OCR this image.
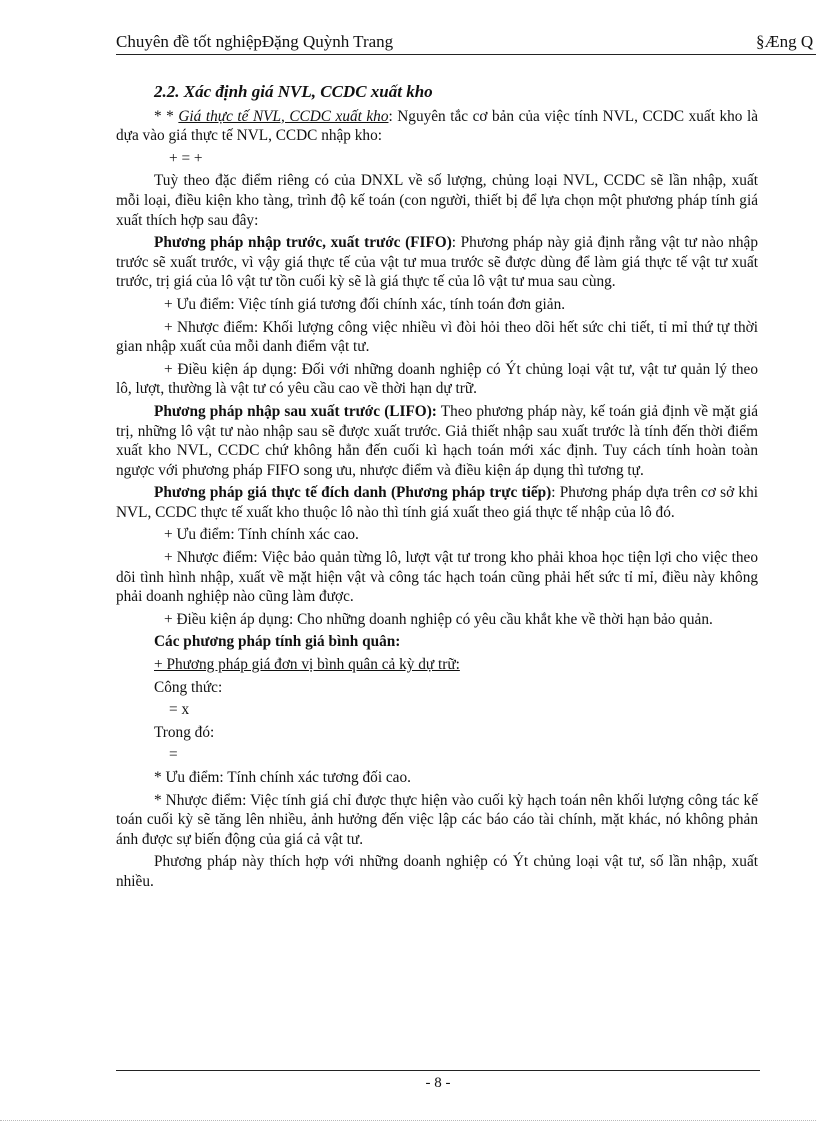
Chuyên đề tốt nghiệpĐặng Quỳnh Trang	§Æng Q

2.2. Xác định giá NVL, CCDC xuất kho

* * Giá thực tế NVL, CCDC xuất kho: Nguyên tắc cơ bản của việc tính NVL, CCDC xuất kho là dựa vào giá thực tế NVL, CCDC nhập kho:

+ = +

Tuỳ theo đặc điểm riêng có của DNXL về số lượng, chủng loại NVL, CCDC sẽ lần nhập, xuất mỗi loại, điều kiện kho tàng, trình độ kế toán (con người, thiết bị để lựa chọn một phương pháp tính giá xuất thích hợp sau đây:

Phương pháp nhập trước, xuất trước (FIFO): Phương pháp này giả định rằng vật tư nào nhập trước sẽ xuất trước, vì vậy giá thực tế của vật tư mua trước sẽ được dùng để làm giá thực tế vật tư xuất trước, trị giá của lô vật tư tồn cuối kỳ sẽ là giá thực tế của lô vật tư mua sau cùng.

+ Ưu điểm: Việc tính giá tương đối chính xác, tính toán đơn giản.

+ Nhược điểm: Khối lượng công việc nhiều vì đòi hỏi theo dõi hết sức chi tiết, tỉ mỉ thứ tự thời gian nhập xuất của mỗi danh điểm vật tư.

+ Điều kiện áp dụng: Đối với những doanh nghiệp có Ýt chủng loại vật tư, vật tư quản lý theo lô, lượt, thường là vật tư có yêu cầu cao về thời hạn dự trữ.

Phương pháp nhập sau xuất trước (LIFO): Theo phương pháp này, kế toán giả định về mặt giá trị, những lô vật tư nào nhập sau sẽ được xuất trước. Giả thiết nhập sau xuất trước là tính đến thời điểm xuất kho NVL, CCDC chứ không hẳn đến cuối kì hạch toán mới xác định. Tuy cách tính hoàn toàn ngược với phương pháp FIFO song ưu, nhược điểm và điều kiện áp dụng thì tương tự.

Phương pháp giá thực tế đích danh (Phương pháp trực tiếp): Phương pháp dựa trên cơ sở khi NVL, CCDC thực tế xuất kho thuộc lô nào thì tính giá xuất theo giá thực tế nhập của lô đó.

+ Ưu điểm: Tính chính xác cao.

+ Nhược điểm: Việc bảo quản từng lô, lượt vật tư trong kho phải khoa học tiện lợi cho việc theo dõi tình hình nhập, xuất về mặt hiện vật và công tác hạch toán cũng phải hết sức tỉ mỉ, điều này không phải doanh nghiệp nào cũng làm được.

+ Điều kiện áp dụng: Cho những doanh nghiệp có yêu cầu khắt khe về thời hạn bảo quản.

Các phương pháp tính giá bình quân:

+ Phương pháp giá đơn vị bình quân cả kỳ dự trữ:

Công thức:

= x

Trong đó:

=

* Ưu điểm: Tính chính xác tương đối cao.

* Nhược điểm: Việc tính giá chỉ được thực hiện vào cuối kỳ hạch toán nên khối lượng công tác kế toán cuối kỳ sẽ tăng lên nhiều, ảnh hưởng đến việc lập các báo cáo tài chính, mặt khác, nó không phản ánh được sự biến động của giá cả vật tư.

Phương pháp này thích hợp với những doanh nghiệp có Ýt chủng loại vật tư, số lần nhập, xuất nhiều.

- 8 -
